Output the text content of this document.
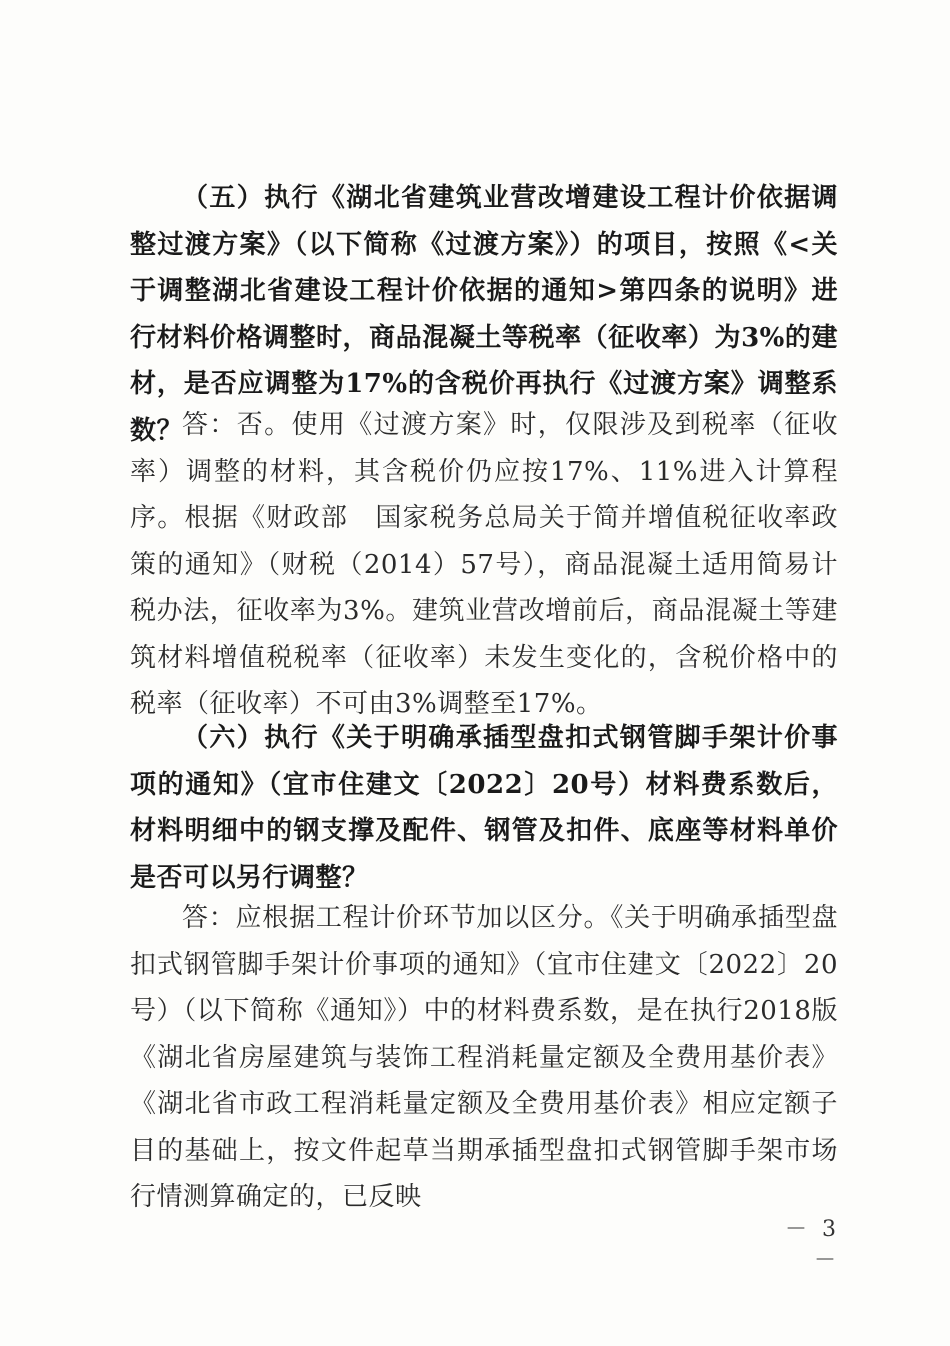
（五）执行《湖北省建筑业营改增建设工程计价依据调整过渡方案》（以下简称《过渡方案》）的项目，按照《<关于调整湖北省建设工程计价依据的通知>第四条的说明》进行材料价格调整时，商品混凝土等税率（征收率）为3%的建材，是否应调整为17%的含税价再执行《过渡方案》调整系数？

答：否。使用《过渡方案》时，仅限涉及到税率（征收率）调整的材料，其含税价仍应按17%、11%进入计算程序。根据《财政部　国家税务总局关于简并增值税征收率政策的通知》（财税（2014）57号），商品混凝土适用简易计税办法，征收率为3%。建筑业营改增前后，商品混凝土等建筑材料增值税税率（征收率）未发生变化的，含税价格中的税率（征收率）不可由3%调整至17%。

（六）执行《关于明确承插型盘扣式钢管脚手架计价事项的通知》（宜市住建文〔2022〕20号）材料费系数后，材料明细中的钢支撑及配件、钢管及扣件、底座等材料单价是否可以另行调整？

答：应根据工程计价环节加以区分。《关于明确承插型盘扣式钢管脚手架计价事项的通知》（宜市住建文〔2022〕20号）（以下简称《通知》）中的材料费系数，是在执行2018版《湖北省房屋建筑与装饰工程消耗量定额及全费用基价表》《湖北省市政工程消耗量定额及全费用基价表》相应定额子目的基础上，按文件起草当期承插型盘扣式钢管脚手架市场行情测算确定的，已反映

－ 3 －
